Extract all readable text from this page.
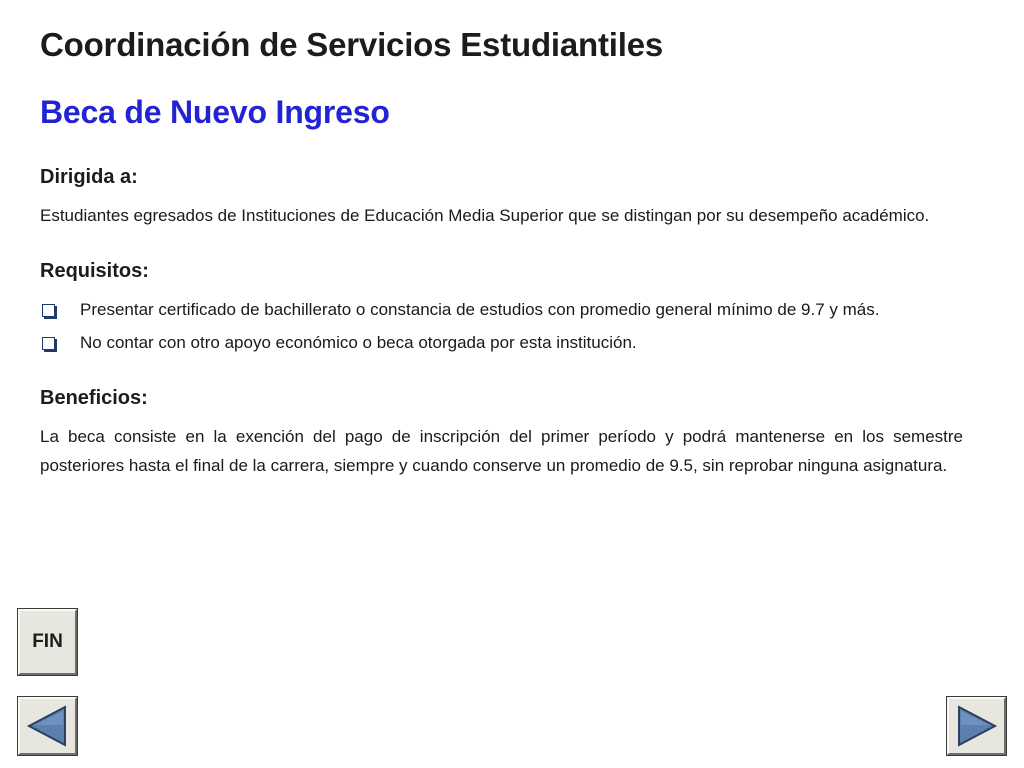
Coordinación de Servicios Estudiantiles
Beca de Nuevo Ingreso
Dirigida a:

Estudiantes egresados de Instituciones de Educación Media Superior que se distingan por su desempeño académico.

Requisitos:
Presentar certificado de bachillerato o constancia de estudios con promedio general mínimo de 9.7 y más.
No contar con otro apoyo económico o beca otorgada por esta institución.
Beneficios:

La beca consiste en la exención del pago de inscripción del primer período y podrá mantenerse en los semestre posteriores hasta el final de la carrera, siempre y cuando conserve un promedio de 9.5, sin reprobar ninguna asignatura.

FIN
